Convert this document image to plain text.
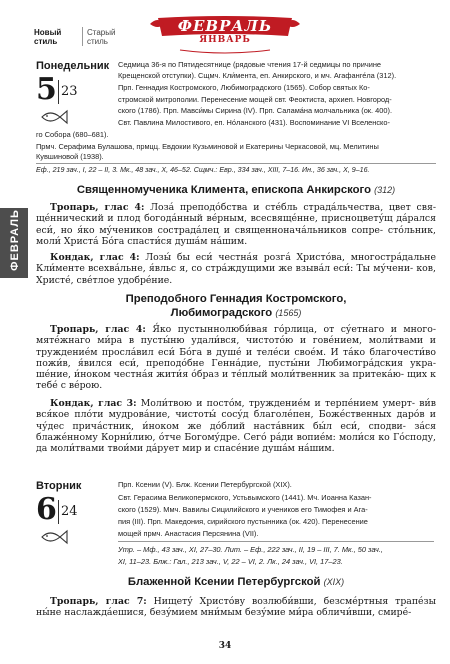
Новый стиль
Старый стиль
ФЕВРАЛЬ
ЯНВАРЬ
ФЕВРАЛЬ
Понедельник
5 23
Седмица 36-я по Пятидесятнице (рядовые чтения 17-й седмицы по причине
Крещенской отступки). Сщмч. Кли́мента, еп. Анкирского, и мч. Агафанге́ла (312).
Прп. Геннадия Костромского, Любимоградского (1565). Собор святых Ко-
стромской митрополии. Перенесение мощей свт. Феоктиста, архиеп. Новгород-
ского (1786). Прп. Мавси́мы Сирина (IV). Прп. Салама́на молчальника (ок. 400).
Свт. Павлина Милостивого, еп. Но́ланского (431). Воспоминание VI Вселенско-
го Собора (680–681).
Прмч. Серафима Булашова, прмцц. Евдокии Кузьминовой и Екатерины Черкасовой, мц. Мелитины
Кувшиновой (1938).
Еф., 219 зач., I, 22 – II, 3. Мк., 48 зач., X, 46–52. Сщмч.: Евр., 334 зач., XIII, 7–16. Ин., 36 зач., X, 9–16.
Священномученика Климента, епископа Анкирского (312)
Тропарь, глас 4: Лоза́ преподо́бства и сте́бль страда́льчества, цвет свя- ще́ннический и плод богода́нный ве́рным, всесвяще́нне, присноцвету́щ да́рался еси́, но я́ко му́чеников сострада́лец и священнонача́льников сопре- сто́льник, моли́ Христа́ Бо́га спасти́ся душа́м на́шим.
Кондак, глас 4: Лозы́ бы еси́ честна́я розга́ Христо́ва, многостра́дальне Кли́менте всехва́льне, я́вльс я, со стра́ждущими же взыва́л еси́: Ты му́чени- ков, Христе́, све́тлое удобре́ние.
Преподобного Геннадия Костромского,
Любимоградского (1565)
Тропарь, глас 4: Я́ко пустыннолюби́вая го́рлица, от су́етнаго и много- мяте́жнаго ми́ра в пусты́ню удали́вся, чистото́ю и гове́нием, моли́твами и труждение́м просла́вил еси́ Бо́га в душе́ и теле́си свое́м. И та́ко благочести́во пожи́в, я́вился еси́, преподо́бне Генна́дие, пусты́ни Любимогра́дския укра- ше́ние, и́ноком честна́я жити́я о́браз и те́плый моли́твенник за притека́ю- щих к тебе́ с ве́рою.
Кондак, глас 3: Моли́твою и посто́м, труждение́м и терпе́нием умерт- ви́в вся́кое пло́ти мудрова́ние, чистоты́ сосу́д благоле́пен, Боже́ственных даро́в и чу́дес прича́стник, и́ноком же до́блий наста́вник бы́л еси́, сподви- за́ся блаже́нному Корни́лию, о́тче Богому́дре. Сего́ ра́ди вопие́м: моли́ся ко Го́споду, да моли́твами твои́ми да́рует мир и спасе́ние душа́м на́шим.
Вторник
6 24
Прп. Ксении (V). Блж. Ксении Петербургской (XIX).
Свт. Герасима Великопермского, Устьвымского (1441). Мч. Иоанна Казан-
ского (1529). Ммч. Вавилы Сицилийского и учеников его Тимофея и Ага-
пия (III). Прп. Македония, сирийского пустынника (ок. 420). Перенесение
мощей прмч. Анастасия Персянина (VII).
Утр. – Мф., 43 зач., XI, 27–30. Лит. – Еф., 222 зач., II, 19 – III, 7. Мк., 50 зач.,
XI, 11–23. Блж.: Гал., 213 зач., V, 22 – VI, 2. Лк., 24 зач., VI, 17–23.
Блаженной Ксении Петербургской (XIX)
Тропарь, глас 7: Нищету́ Христо́ву возлюби́вши, безсме́ртныя трапе́зы ны́не наслажда́ешися, безу́мием мни́мым безу́мие ми́ра обличи́вши, смире́-
34
